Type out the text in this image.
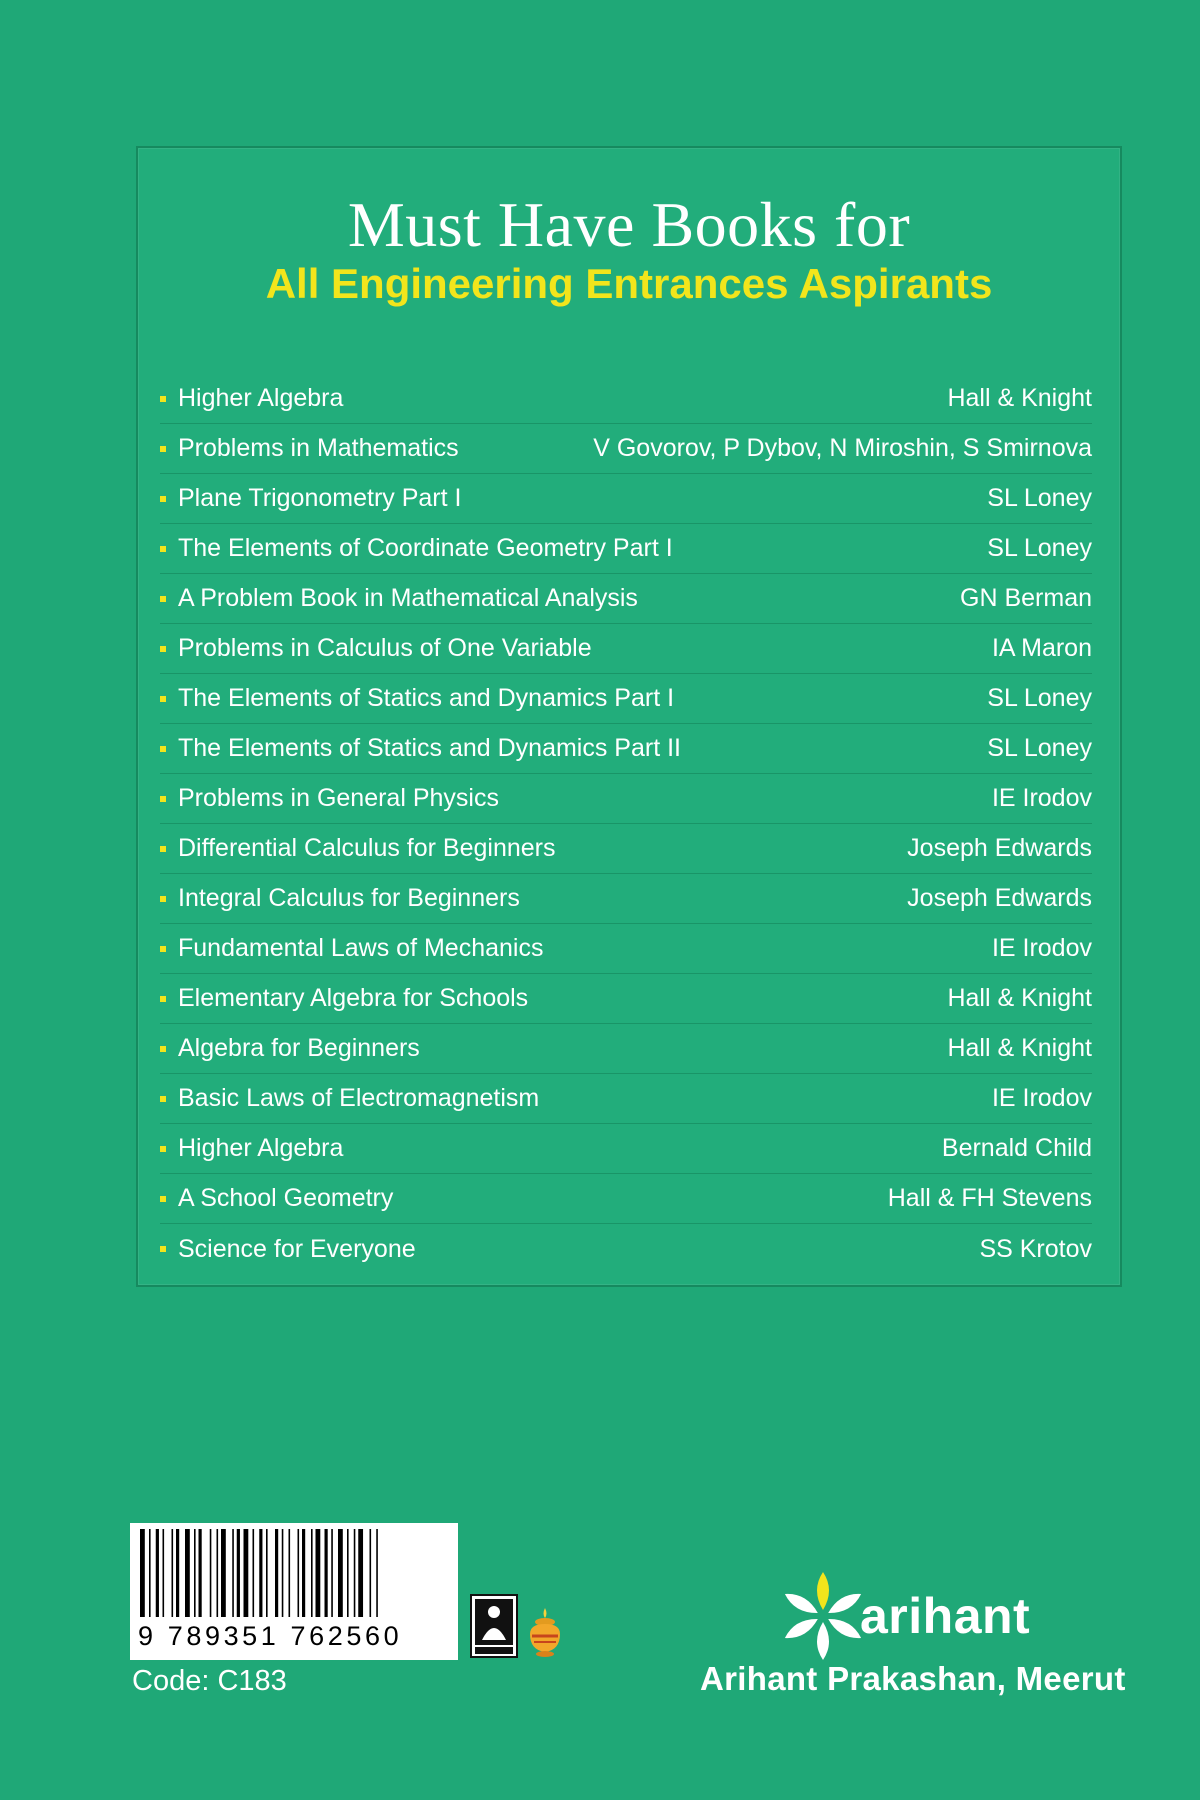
Must Have Books for
All Engineering Entrances Aspirants
Higher Algebra	Hall & Knight
Problems in Mathematics	V Govorov, P Dybov, N Miroshin, S Smirnova
Plane Trigonometry Part I	SL Loney
The Elements of Coordinate Geometry Part I	SL Loney
A Problem Book in Mathematical Analysis	GN Berman
Problems in Calculus of One Variable	IA Maron
The Elements of Statics and Dynamics Part I	SL Loney
The Elements of Statics and Dynamics Part II	SL Loney
Problems in General Physics	IE Irodov
Differential Calculus for Beginners	Joseph Edwards
Integral Calculus for Beginners	Joseph Edwards
Fundamental Laws of Mechanics	IE Irodov
Elementary Algebra for Schools	Hall & Knight
Algebra for Beginners	Hall & Knight
Basic Laws of Electromagnetism	IE Irodov
Higher Algebra	Bernald Child
A School Geometry	Hall & FH Stevens
Science for Everyone	SS Krotov
9 789351 762560
Code: C183
arihant
Arihant Prakashan, Meerut
